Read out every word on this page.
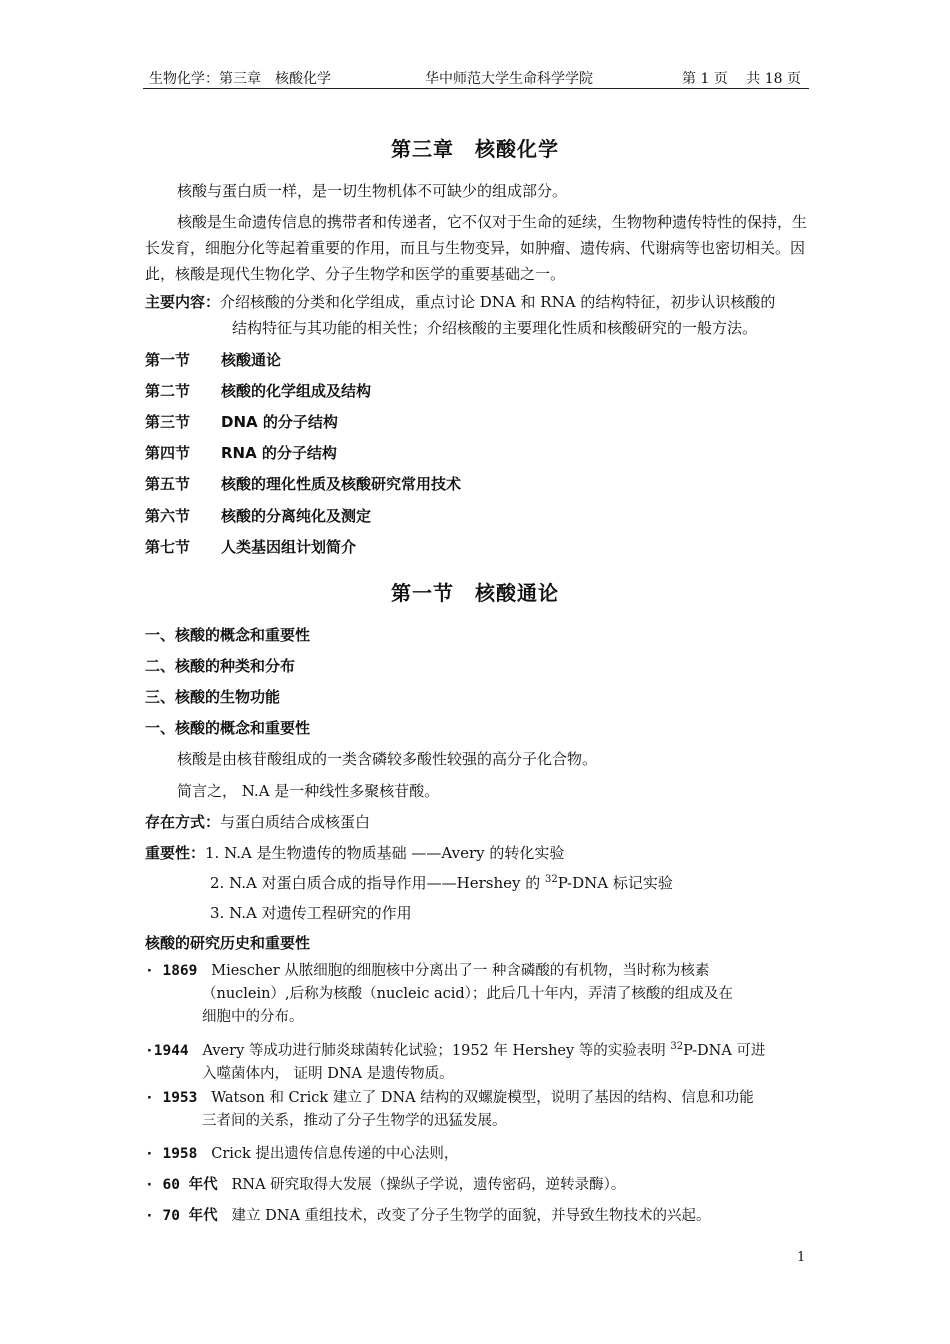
生物化学：第三章　核酸化学	华中师范大学生命科学学院	第 1 页　 共 18 页
第三章　核酸化学
核酸与蛋白质一样，是一切生物机体不可缺少的组成部分。
核酸是生命遗传信息的携带者和传递者，它不仅对于生命的延续，生物物种遗传特性的保持，生长发育，细胞分化等起着重要的作用，而且与生物变异，如肿瘤、遗传病、代谢病等也密切相关。因此，核酸是现代生物化学、分子生物学和医学的重要基础之一。
主要内容：介绍核酸的分类和化学组成，重点讨论 DNA 和 RNA 的结构特征，初步认识核酸的
结构特征与其功能的相关性；介绍核酸的主要理化性质和核酸研究的一般方法。
第一节 核酸通论
第二节 核酸的化学组成及结构
第三节 DNA 的分子结构
第四节 RNA 的分子结构
第五节 核酸的理化性质及核酸研究常用技术
第六节 核酸的分离纯化及测定
第七节 人类基因组计划简介
第一节　核酸通论
一、核酸的概念和重要性
二、核酸的种类和分布
三、核酸的生物功能
一、核酸的概念和重要性
核酸是由核苷酸组成的一类含磷较多酸性较强的高分子化合物。
简言之， N.A 是一种线性多聚核苷酸。
存在方式：与蛋白质结合成核蛋白
重要性：1. N.A 是生物遗传的物质基础 ——Avery 的转化实验
2. N.A 对蛋白质合成的指导作用——Hershey 的 $^{32}$P-DNA 标记实验
3. N.A 对遗传工程研究的作用
核酸的研究历史和重要性
· 1869 Miescher 从脓细胞的细胞核中分离出了一 种含磷酸的有机物，当时称为核素
（nuclein）,后称为核酸（nucleic acid）；此后几十年内，弄清了核酸的组成及在
细胞中的分布。
·1944 Avery 等成功进行肺炎球菌转化试验；1952 年 Hershey 等的实验表明 $^{32}$P-DNA 可进
入噬菌体内， 证明 DNA 是遗传物质。
· 1953 Watson 和 Crick 建立了 DNA 结构的双螺旋模型，说明了基因的结构、信息和功能
三者间的关系，推动了分子生物学的迅猛发展。
· 1958 Crick 提出遗传信息传递的中心法则，
· 60 年代 RNA 研究取得大发展（操纵子学说，遗传密码，逆转录酶）。
· 70 年代 建立 DNA 重组技术，改变了分子生物学的面貌，并导致生物技术的兴起。
1
